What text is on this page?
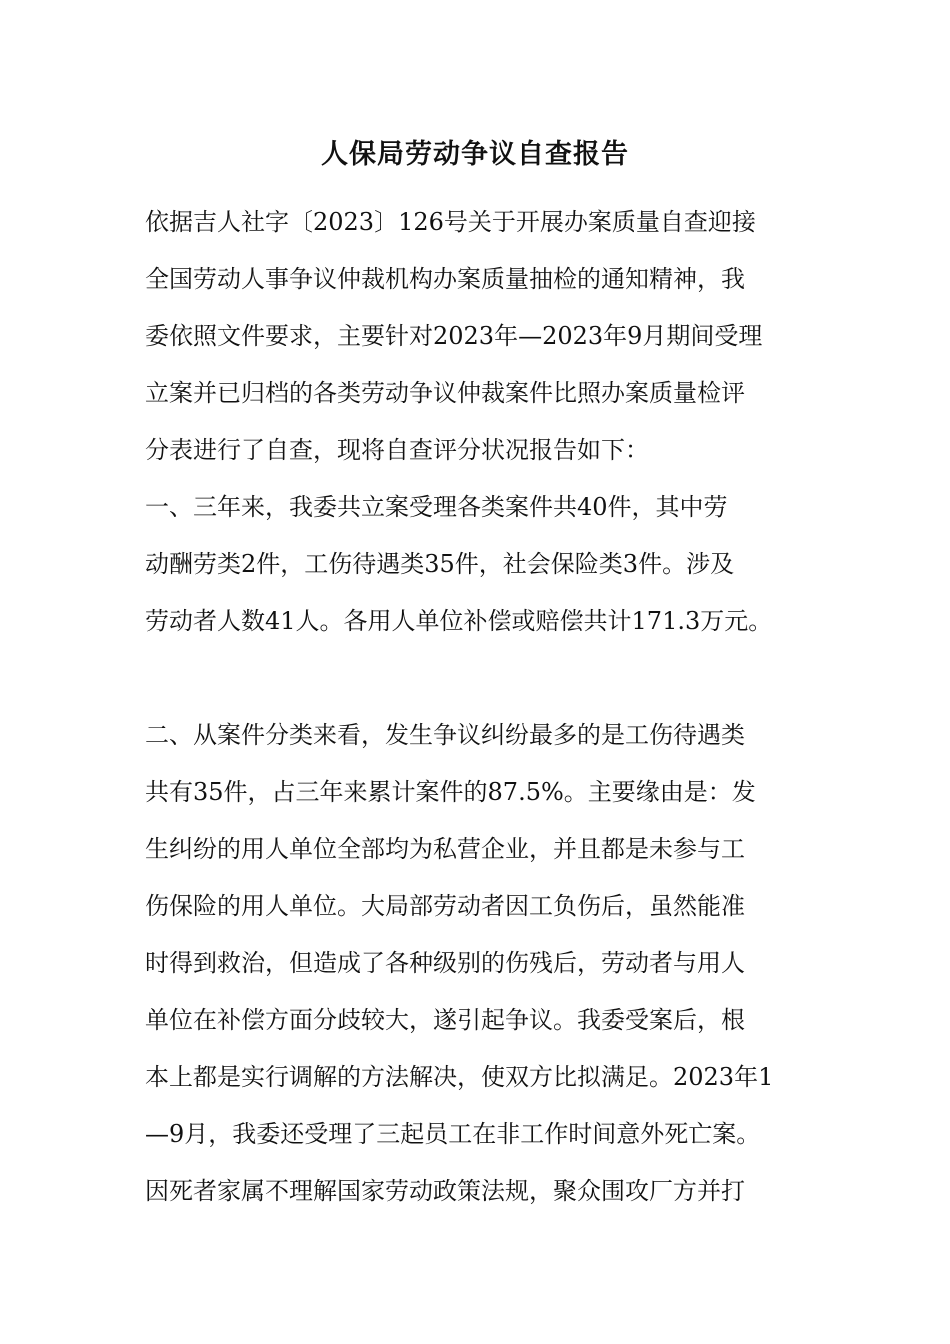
人保局劳动争议自查报告

依据吉人社字〔2023〕126号关于开展办案质量自查迎接

全国劳动人事争议仲裁机构办案质量抽检的通知精神，我

委依照文件要求，主要针对2023年—2023年9月期间受理

立案并已归档的各类劳动争议仲裁案件比照办案质量检评

分表进行了自查，现将自查评分状况报告如下：

一、三年来，我委共立案受理各类案件共40件，其中劳

动酬劳类2件，工伤待遇类35件，社会保险类3件。涉及

劳动者人数41人。各用人单位补偿或赔偿共计171.3万元。

二、从案件分类来看，发生争议纠纷最多的是工伤待遇类

共有35件，占三年来累计案件的87.5%。主要缘由是：发

生纠纷的用人单位全部均为私营企业，并且都是未参与工

伤保险的用人单位。大局部劳动者因工负伤后，虽然能准

时得到救治，但造成了各种级别的伤残后，劳动者与用人

单位在补偿方面分歧较大，遂引起争议。我委受案后，根

本上都是实行调解的方法解决，使双方比拟满足。2023年1

—9月，我委还受理了三起员工在非工作时间意外死亡案。

因死者家属不理解国家劳动政策法规，聚众围攻厂方并打
